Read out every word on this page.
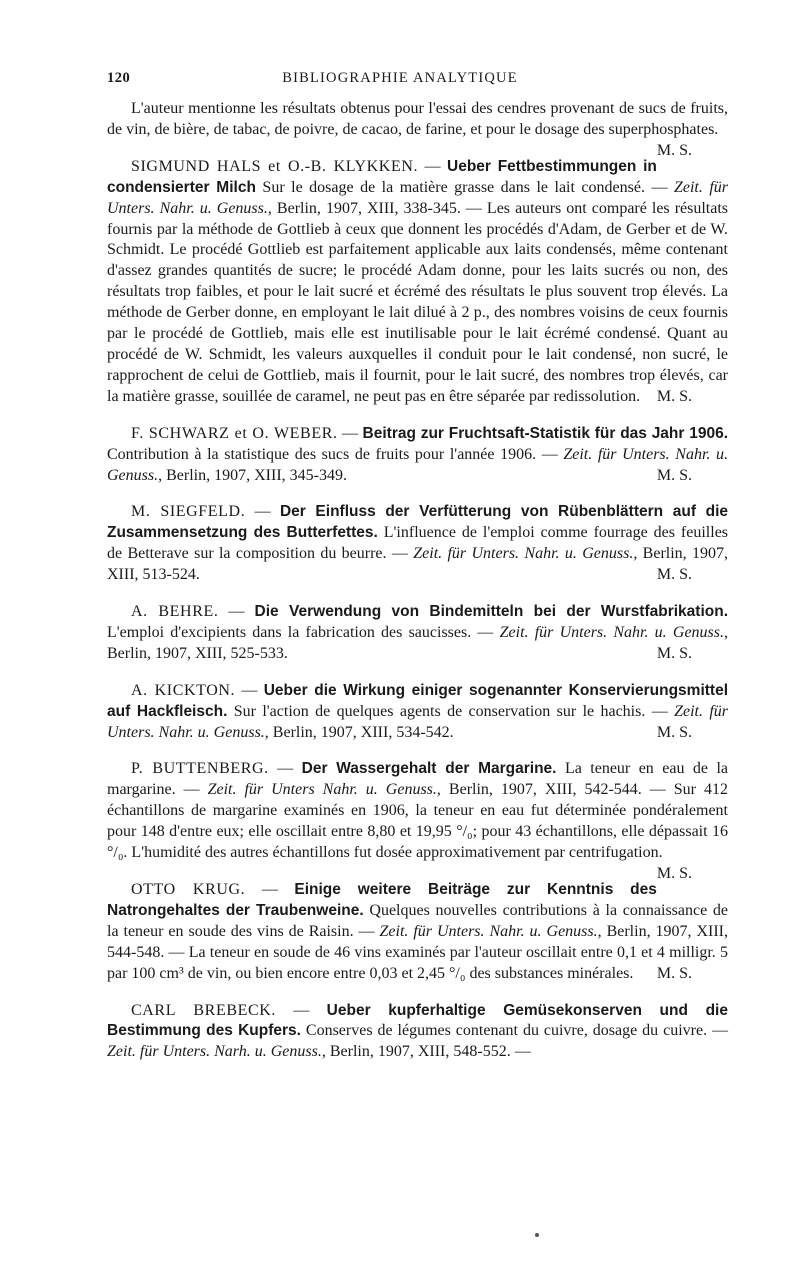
120	BIBLIOGRAPHIE ANALYTIQUE

L'auteur mentionne les résultats obtenus pour l'essai des cendres provenant de sucs de fruits, de vin, de bière, de tabac, de poivre, de cacao, de farine, et pour le dosage des superphosphates.
M. S.

SIGMUND HALS et O.-B. KLYKKEN. — Ueber Fettbestimmungen in condensierter Milch Sur le dosage de la matière grasse dans le lait condensé. — Zeit. für Unters. Nahr. u. Genuss., Berlin, 1907, XIII, 338-345. — Les auteurs ont comparé les résultats fournis par la méthode de Gottlieb à ceux que donnent les procédés d'Adam, de Gerber et de W. Schmidt. Le procédé Gottlieb est parfaitement applicable aux laits condensés, même contenant d'assez grandes quantités de sucre; le procédé Adam donne, pour les laits sucrés ou non, des résultats trop faibles, et pour le lait sucré et écrémé des résultats le plus souvent trop élevés. La méthode de Gerber donne, en employant le lait dilué à 2 p., des nombres voisins de ceux fournis par le procédé de Gottlieb, mais elle est inutilisable pour le lait écrémé condensé. Quant au procédé de W. Schmidt, les valeurs auxquelles il conduit pour le lait condensé, non sucré, le rapprochent de celui de Gottlieb, mais il fournit, pour le lait sucré, des nombres trop élevés, car la matière grasse, souillée de caramel, ne peut pas en être séparée par redissolution. M. S.

F. SCHWARZ et O. WEBER. — Beitrag zur Fruchtsaft-Statistik für das Jahr 1906. Contribution à la statistique des sucs de fruits pour l'année 1906. — Zeit. für Unters. Nahr. u. Genuss., Berlin, 1907, XIII, 345-349.	M. S.

M. SIEGFELD. — Der Einfluss der Verfütterung von Rübenblättern auf die Zusammensetzung des Butterfettes. L'influence de l'emploi comme fourrage des feuilles de Betterave sur la composition du beurre. — Zeit. für Unters. Nahr. u. Genuss., Berlin, 1907, XIII, 513-524.	M. S.

A. BEHRE. — Die Verwendung von Bindemitteln bei der Wurstfabrikation. L'emploi d'excipients dans la fabrication des saucisses. — Zeit. für Unters. Nahr. u. Genuss., Berlin, 1907, XIII, 525-533.	M. S.

A. KICKTON. — Ueber die Wirkung einiger sogenannter Konservierungsmittel auf Hackfleisch. Sur l'action de quelques agents de conservation sur le hachis. — Zeit. für Unters. Nahr. u. Genuss., Berlin, 1907, XIII, 534-542.	M. S.

P. BUTTENBERG. — Der Wassergehalt der Margarine. La teneur en eau de la margarine. — Zeit. für Unters Nahr. u. Genuss., Berlin, 1907, XIII, 542-544. — Sur 412 échantillons de margarine examinés en 1906, la teneur en eau fut déterminée pondéralement pour 148 d'entre eux; elle oscillait entre 8,80 et 19,95 °/₀; pour 43 échantillons, elle dépassait 16 °/₀. L'humidité des autres échantillons fut dosée approximativement par centrifugation.
M. S.

OTTO KRUG. — Einige weitere Beiträge zur Kenntnis des Natrongehaltes der Traubenweine. Quelques nouvelles contributions à la connaissance de la teneur en soude des vins de Raisin. — Zeit. für Unters. Nahr. u. Genuss., Berlin, 1907, XIII, 544-548. — La teneur en soude de 46 vins examinés par l'auteur oscillait entre 0,1 et 4 milligr. 5 par 100 cm³ de vin, ou bien encore entre 0,03 et 2,45 °/₀ des substances minérales. M. S.

CARL BREBECK. — Ueber kupferhaltige Gemüsekonserven und die Bestimmung des Kupfers. Conserves de légumes contenant du cuivre, dosage du cuivre. — Zeit. für Unters. Narh. u. Genuss., Berlin, 1907, XIII, 548-552. —
